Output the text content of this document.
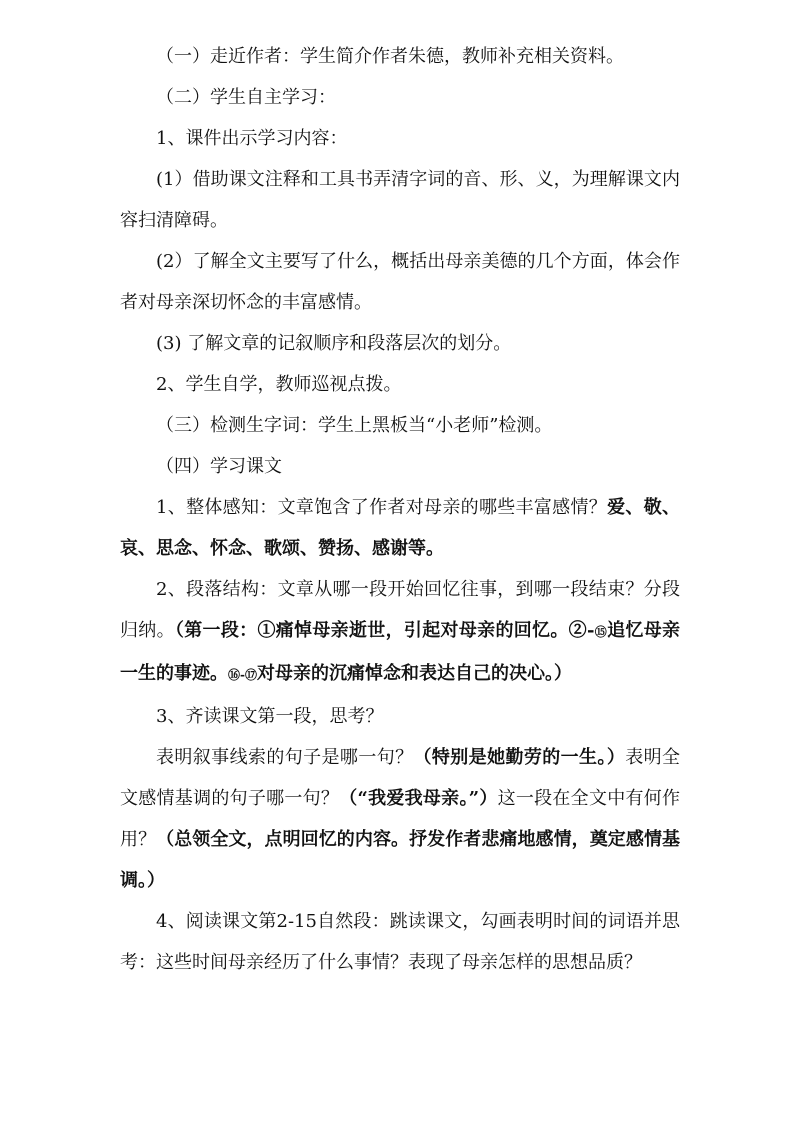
（一）走近作者：学生简介作者朱德，教师补充相关资料。

（二）学生自主学习：

1、课件出示学习内容：

(1）借助课文注释和工具书弄清字词的音、形、义，为理解课文内容扫清障碍。

(2）了解全文主要写了什么，概括出母亲美德的几个方面，体会作者对母亲深切怀念的丰富感情。

(3) 了解文章的记叙顺序和段落层次的划分。

2、学生自学，教师巡视点拨。

（三）检测生字词：学生上黑板当“小老师”检测。

（四）学习课文

1、整体感知：文章饱含了作者对母亲的哪些丰富感情？爱、敬、哀、思念、怀念、歌颂、赞扬、感谢等。

2、段落结构：文章从哪一段开始回忆往事，到哪一段结束？分段归纳。（第一段：①痛悼母亲逝世，引起对母亲的回忆。②-⑮追忆母亲一生的事迹。⑯-⑰对母亲的沉痛悼念和表达自己的决心。）

3、齐读课文第一段，思考？

表明叙事线索的句子是哪一句？（特别是她勤劳的一生。）表明全文感情基调的句子哪一句？（“我爱我母亲。”）这一段在全文中有何作用？（总领全文，点明回忆的内容。抒发作者悲痛地感情，奠定感情基调。）

4、阅读课文第2-15自然段：跳读课文，勾画表明时间的词语并思考：这些时间母亲经历了什么事情？表现了母亲怎样的思想品质？
